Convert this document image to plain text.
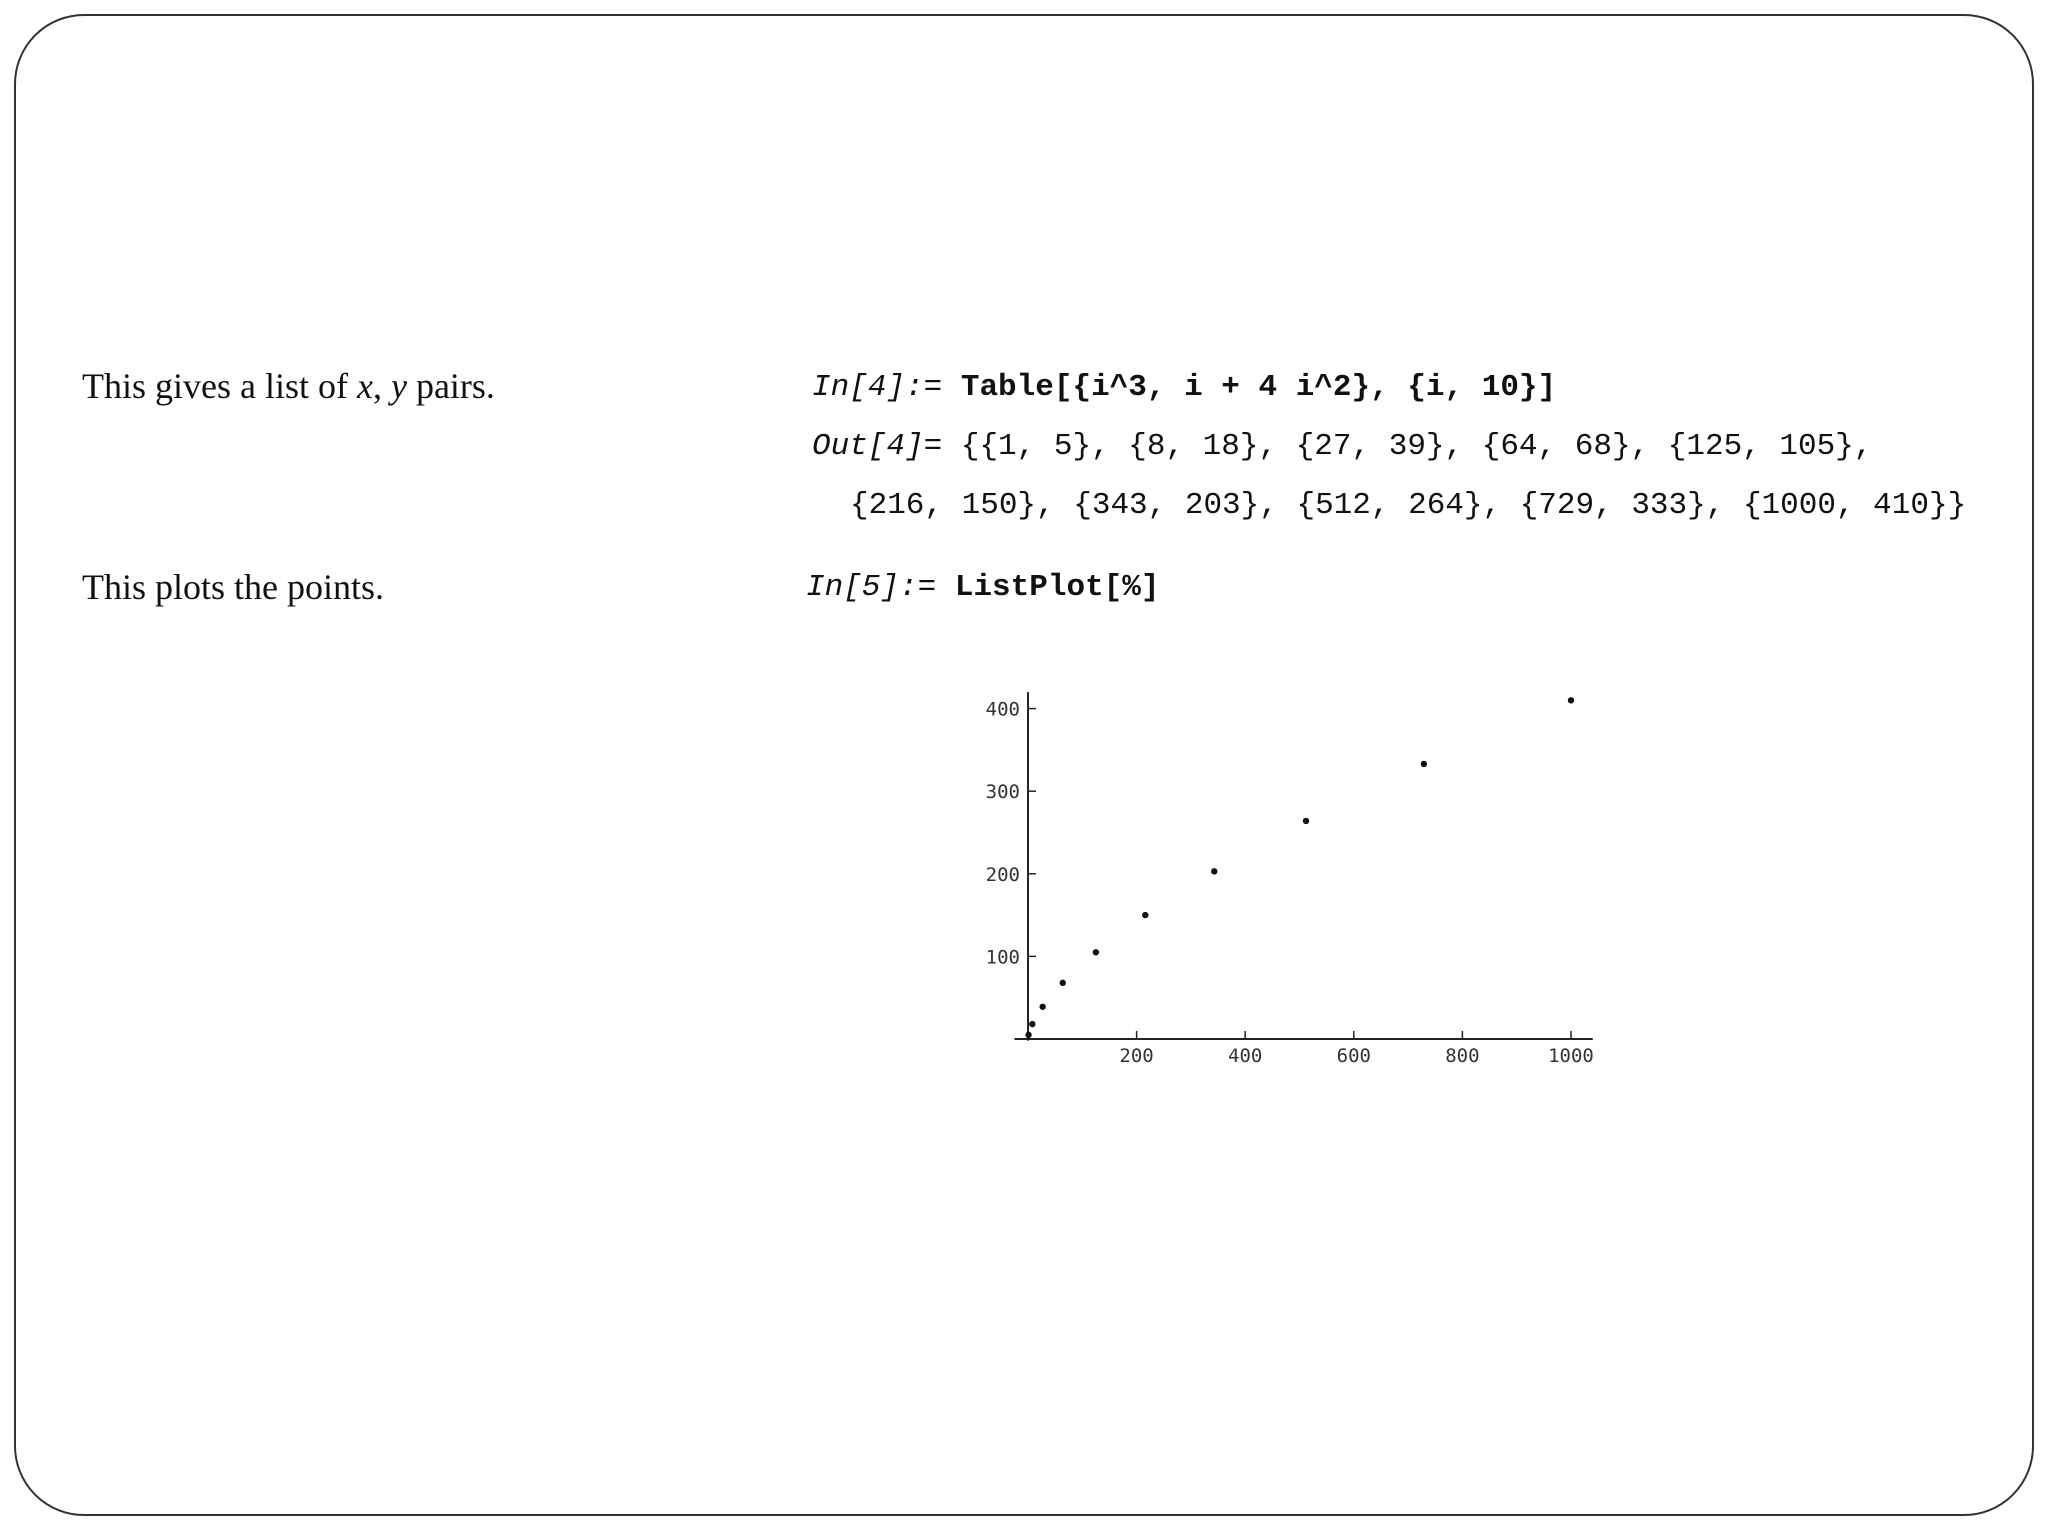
This gives a list of x, y pairs.
This plots the points.
In[4]:= Table[{i^3, i + 4 i^2}, {i, 10}]
Out[4]= {{1, 5}, {8, 18}, {27, 39}, {64, 68}, {125, 105},
{216, 150}, {343, 203}, {512, 264}, {729, 333}, {1000, 410}}
In[5]:= ListPlot[%]
200	400	600	800	1000
100
200
300
400
